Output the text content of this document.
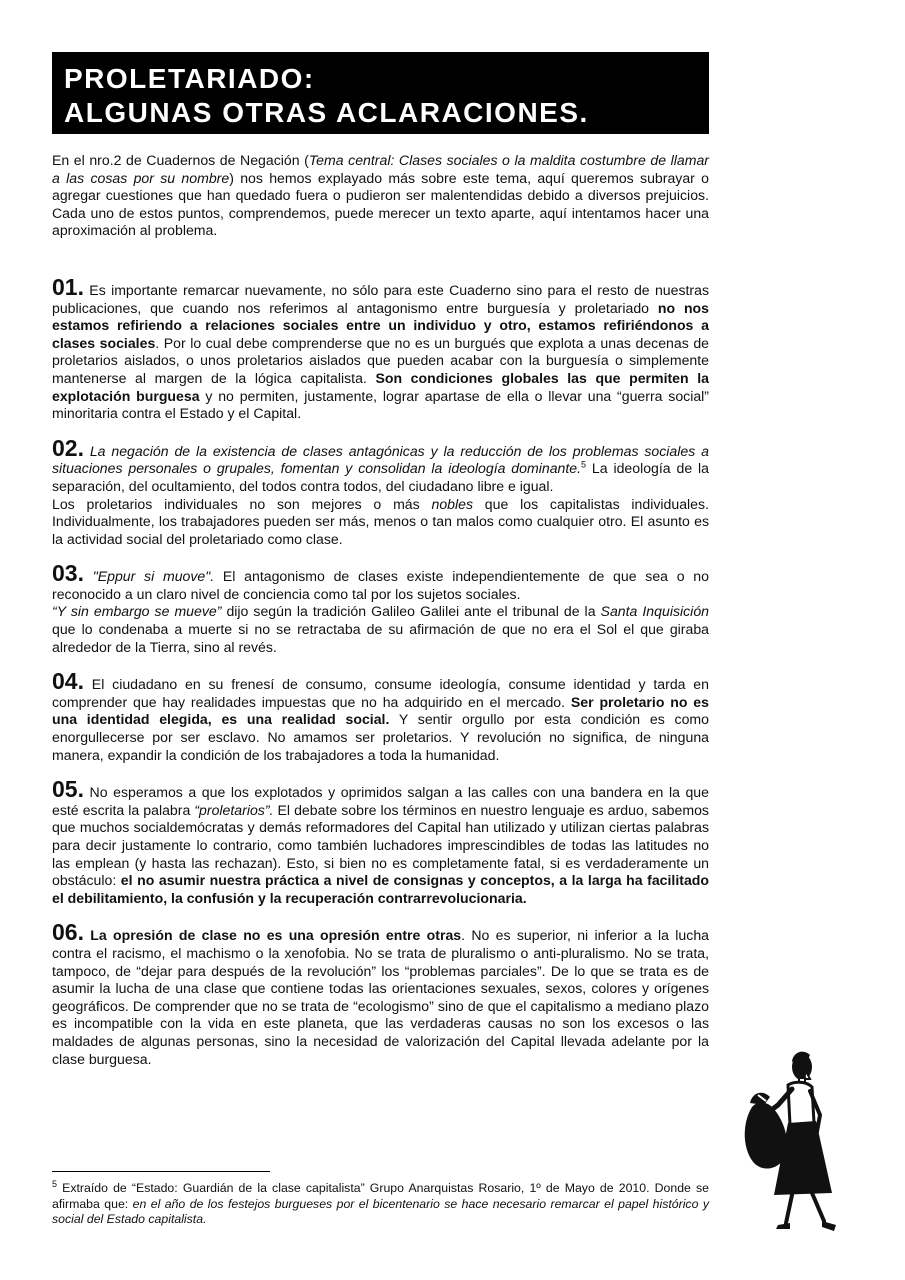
PROLETARIADO:
ALGUNAS OTRAS ACLARACIONES.

En el nro.2 de Cuadernos de Negación (Tema central: Clases sociales o la maldita costumbre de llamar a las cosas por su nombre) nos hemos explayado más sobre este tema, aquí queremos subrayar o agregar cuestiones que han quedado fuera o pudieron ser malentendidas debido a diversos prejuicios. Cada uno de estos puntos, comprendemos, puede merecer un texto aparte, aquí intentamos hacer una aproximación al problema.

01. Es importante remarcar nuevamente, no sólo para este Cuaderno sino para el resto de nuestras publicaciones, que cuando nos referimos al antagonismo entre burguesía y proletariado no nos estamos refiriendo a relaciones sociales entre un individuo y otro, estamos refiriéndonos a clases sociales. Por lo cual debe comprenderse que no es un burgués que explota a unas decenas de proletarios aislados, o unos proletarios aislados que pueden acabar con la burguesía o simplemente mantenerse al margen de la lógica capitalista. Son condiciones globales las que permiten la explotación burguesa y no permiten, justamente, lograr apartase de ella o llevar una “guerra social” minoritaria contra el Estado y el Capital.

02. La negación de la existencia de clases antagónicas y la reducción de los problemas sociales a situaciones personales o grupales, fomentan y consolidan la ideología dominante.$^5$ La ideología de la separación, del ocultamiento, del todos contra todos, del ciudadano libre e igual.
Los proletarios individuales no son mejores o más nobles que los capitalistas individuales. Individualmente, los trabajadores pueden ser más, menos o tan malos como cualquier otro. El asunto es la actividad social del proletariado como clase.

03. "Eppur si muove". El antagonismo de clases existe independientemente de que sea o no reconocido a un claro nivel de conciencia como tal por los sujetos sociales.
“Y sin embargo se mueve” dijo según la tradición Galileo Galilei ante el tribunal de la Santa Inquisición que lo condenaba a muerte si no se retractaba de su afirmación de que no era el Sol el que giraba alrededor de la Tierra, sino al revés.

04. El ciudadano en su frenesí de consumo, consume ideología, consume identidad y tarda en comprender que hay realidades impuestas que no ha adquirido en el mercado. Ser proletario no es una identidad elegida, es una realidad social. Y sentir orgullo por esta condición es como enorgullecerse por ser esclavo. No amamos ser proletarios. Y revolución no significa, de ninguna manera, expandir la condición de los trabajadores a toda la humanidad.

05. No esperamos a que los explotados y oprimidos salgan a las calles con una bandera en la que esté escrita la palabra “proletarios”. El debate sobre los términos en nuestro lenguaje es arduo, sabemos que muchos socialdemócratas y demás reformadores del Capital han utilizado y utilizan ciertas palabras para decir justamente lo contrario, como también luchadores imprescindibles de todas las latitudes no las emplean (y hasta las rechazan). Esto, si bien no es completamente fatal, si es verdaderamente un obstáculo: el no asumir nuestra práctica a nivel de consignas y conceptos, a la larga ha facilitado el debilitamiento, la confusión y la recuperación contrarrevolucionaria.

06. La opresión de clase no es una opresión entre otras. No es superior, ni inferior a la lucha contra el racismo, el machismo o la xenofobia. No se trata de pluralismo o anti-pluralismo. No se trata, tampoco, de “dejar para después de la revolución” los “problemas parciales”. De lo que se trata es de asumir la lucha de una clase que contiene todas las orientaciones sexuales, sexos, colores y orígenes geográficos. De comprender que no se trata de “ecologismo” sino de que el capitalismo a mediano plazo es incompatible con la vida en este planeta, que las verdaderas causas no son los excesos o las maldades de algunas personas, sino la necesidad de valorización del Capital llevada adelante por la clase burguesa.

$^5$ Extraído de “Estado: Guardián de la clase capitalista” Grupo Anarquistas Rosario, 1º de Mayo de 2010. Donde se afirmaba que: en el año de los festejos burgueses por el bicentenario se hace necesario remarcar el papel histórico y social del Estado capitalista.
